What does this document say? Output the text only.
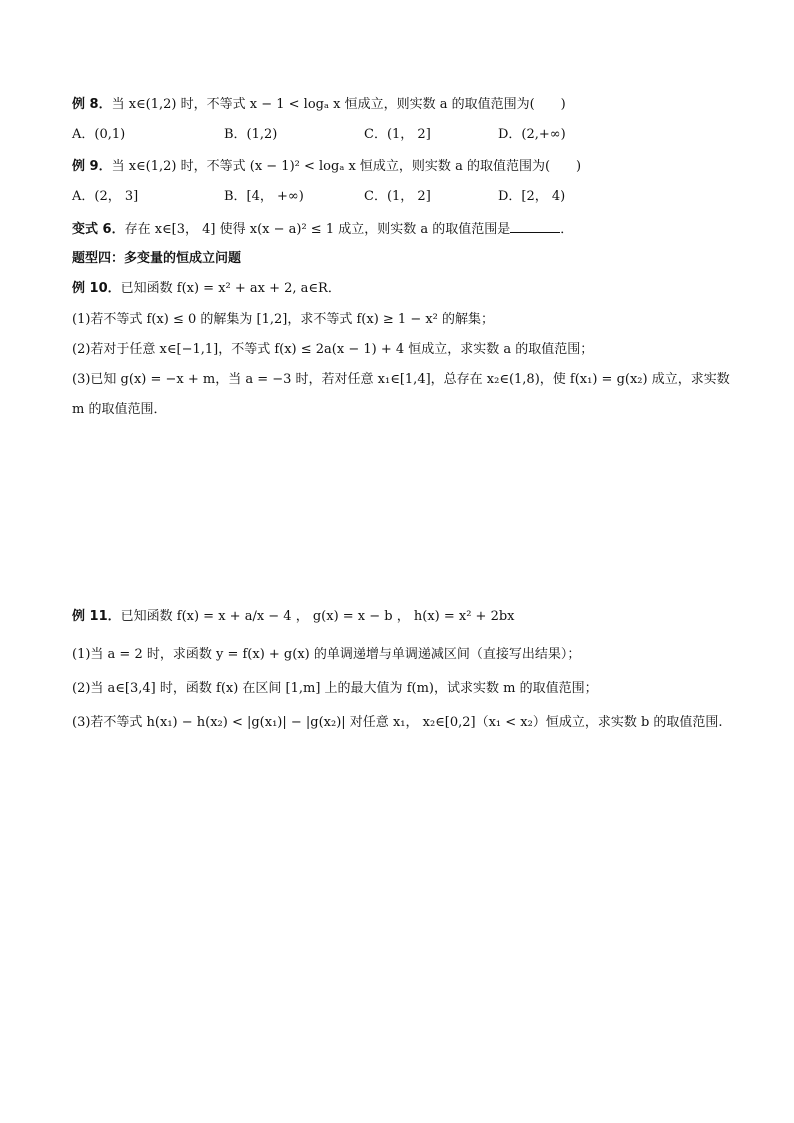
例 8．当 x∈(1,2) 时，不等式 x − 1 < logₐ x 恒成立，则实数 a 的取值范围为(　　)
A．(0,1)	B．(1,2)	C．(1， 2]	D．(2,+∞)
例 9．当 x∈(1,2) 时，不等式 (x − 1)² < logₐ x 恒成立，则实数 a 的取值范围为(　　)
A．(2， 3]	B．[4， +∞)	C．(1， 2]	D．[2， 4)
变式 6．存在 x∈[3， 4] 使得 x(x − a)² ≤ 1 成立，则实数 a 的取值范围是	．
题型四：多变量的恒成立问题
例 10．已知函数 f(x) = x² + ax + 2, a∈R．
(1)若不等式 f(x) ≤ 0 的解集为 [1,2]，求不等式 f(x) ≥ 1 − x² 的解集；
(2)若对于任意 x∈[−1,1]，不等式 f(x) ≤ 2a(x − 1) + 4 恒成立，求实数 a 的取值范围；
(3)已知 g(x) = −x + m，当 a = −3 时，若对任意 x₁∈[1,4]，总存在 x₂∈(1,8)，使 f(x₁) = g(x₂) 成立，求实数
m 的取值范围．
例 11．已知函数 f(x) = x + a/x − 4 ， g(x) = x − b ， h(x) = x² + 2bx
(1)当 a = 2 时，求函数 y = f(x) + g(x) 的单调递增与单调递减区间（直接写出结果）；
(2)当 a∈[3,4] 时，函数 f(x) 在区间 [1,m] 上的最大值为 f(m)，试求实数 m 的取值范围；
(3)若不等式 h(x₁) − h(x₂) < |g(x₁)| − |g(x₂)| 对任意 x₁， x₂∈[0,2]（x₁ < x₂）恒成立，求实数 b 的取值范围.
